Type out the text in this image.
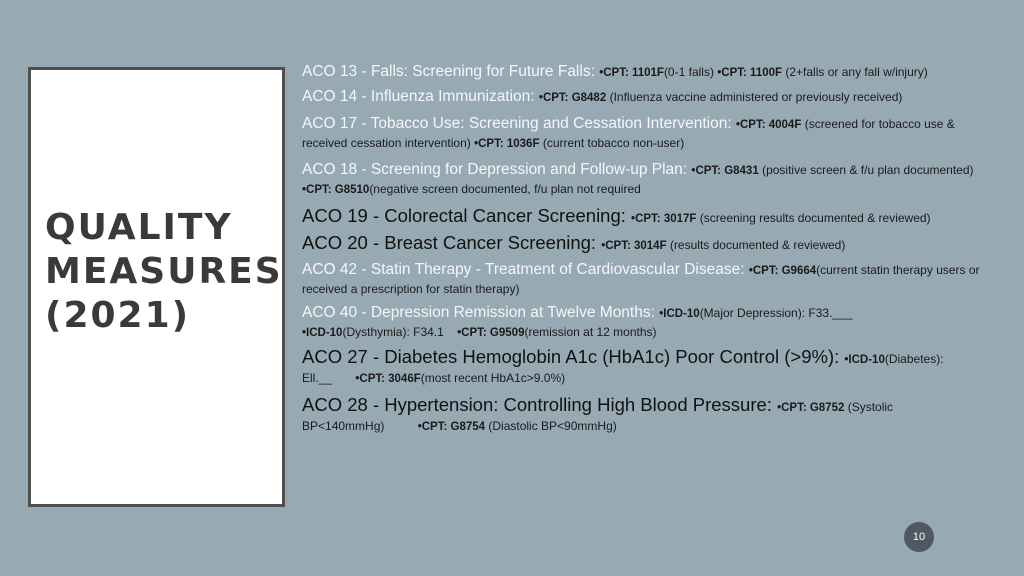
QUALITY
MEASURES
(2021)

ACO 13 - Falls: Screening for Future Falls: •CPT: 1101F(0-1 falls) •CPT: 1100F (2+falls or any fall w/injury)

ACO 14 - Influenza Immunization: •CPT: G8482 (Influenza vaccine administered or previously received)

ACO 17 - Tobacco Use: Screening and Cessation Intervention: •CPT: 4004F (screened for tobacco use & received cessation intervention) •CPT: 1036F (current tobacco non-user)

ACO 18 - Screening for Depression and Follow-up Plan: •CPT: G8431 (positive screen & f/u plan documented) •CPT: G8510(negative screen documented, f/u plan not required

ACO 19 - Colorectal Cancer Screening: •CPT: 3017F (screening results documented & reviewed)

ACO 20 - Breast Cancer Screening: •CPT: 3014F (results documented & reviewed)

ACO 42 - Statin Therapy - Treatment of Cardiovascular Disease: •CPT: G9664(current statin therapy users or received a prescription for statin therapy)

ACO 40 - Depression Remission at Twelve Months: •ICD-10(Major Depression): F33.___
•ICD-10(Dysthymia): F34.1    •CPT: G9509(remission at 12 months)

ACO 27 - Diabetes Hemoglobin A1c (HbA1c) Poor Control (>9%): •ICD-10(Diabetes): Ell.__       •CPT: 3046F(most recent HbA1c>9.0%)

ACO 28 - Hypertension: Controlling High Blood Pressure: •CPT: G8752 (Systolic BP<140mmHg)          •CPT: G8754 (Diastolic BP<90mmHg)

10
